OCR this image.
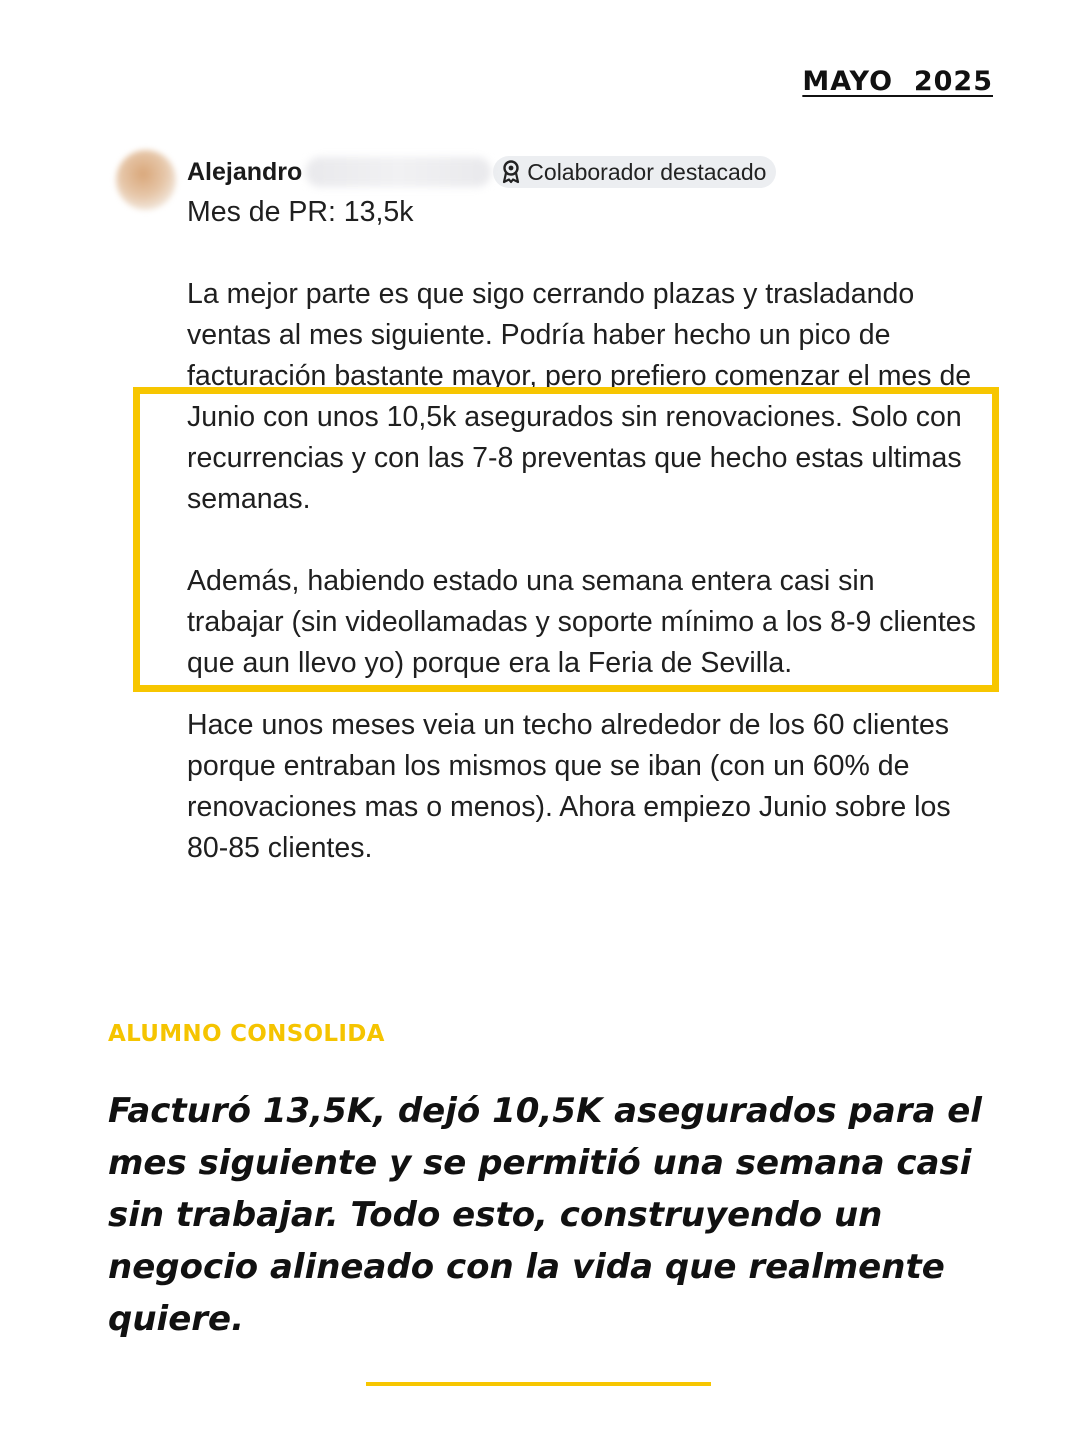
MAYO  2025
Alejandro	Colaborador destacado

Mes de PR: 13,5k

La mejor parte es que sigo cerrando plazas y trasladando ventas al mes siguiente. Podría haber hecho un pico de facturación bastante mayor, pero prefiero comenzar el mes de Junio con unos 10,5k asegurados sin renovaciones. Solo con recurrencias y con las 7-8 preventas que hecho estas ultimas semanas.

Además, habiendo estado una semana entera casi sin trabajar (sin videollamadas y soporte mínimo a los 8-9 clientes que aun llevo yo) porque era la Feria de Sevilla.

Hace unos meses veia un techo alrededor de los 60 clientes porque entraban los mismos que se iban (con un 60% de renovaciones mas o menos). Ahora empiezo Junio sobre los 80-85 clientes.

ALUMNO CONSOLIDA
Facturó 13,5K, dejó 10,5K asegurados para el mes siguiente y se permitió una semana casi sin trabajar. Todo esto, construyendo un negocio alineado con la vida que realmente quiere.
